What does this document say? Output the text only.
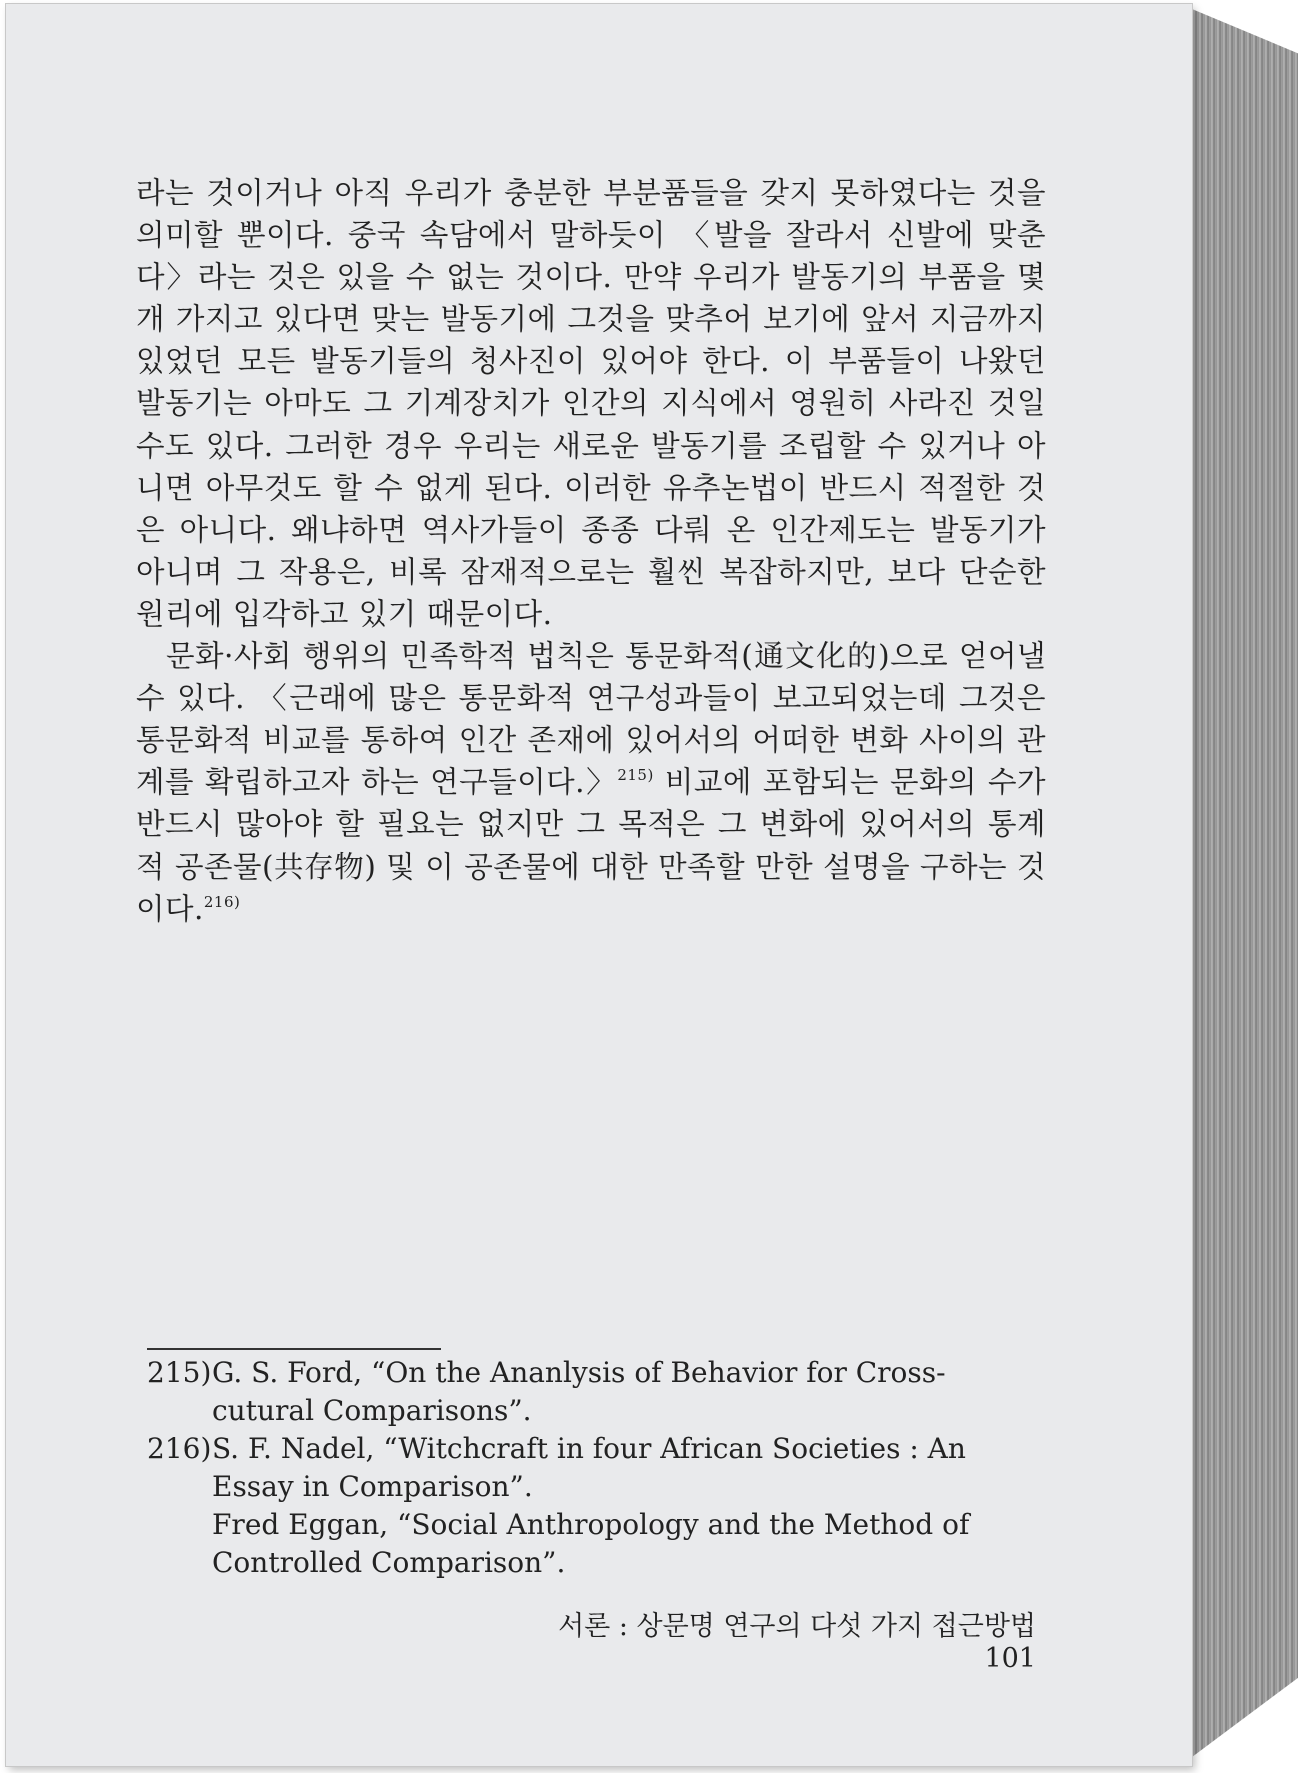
라는 것이거나 아직 우리가 충분한 부분품들을 갖지 못하였다는 것을 의미할 뿐이다. 중국 속담에서 말하듯이 〈발을 잘라서 신발에 맞춘다〉라는 것은 있을 수 없는 것이다. 만약 우리가 발동기의 부품을 몇 개 가지고 있다면 맞는 발동기에 그것을 맞추어 보기에 앞서 지금까지 있었던 모든 발동기들의 청사진이 있어야 한다. 이 부품들이 나왔던 발동기는 아마도 그 기계장치가 인간의 지식에서 영원히 사라진 것일 수도 있다. 그러한 경우 우리는 새로운 발동기를 조립할 수 있거나 아니면 아무것도 할 수 없게 된다. 이러한 유추논법이 반드시 적절한 것은 아니다. 왜냐하면 역사가들이 종종 다뤄 온 인간제도는 발동기가 아니며 그 작용은, 비록 잠재적으로는 훨씬 복잡하지만, 보다 단순한 원리에 입각하고 있기 때문이다.

문화·사회 행위의 민족학적 법칙은 통문화적(通文化的)으로 얻어낼 수 있다. 〈근래에 많은 통문화적 연구성과들이 보고되었는데 그것은 통문화적 비교를 통하여 인간 존재에 있어서의 어떠한 변화 사이의 관계를 확립하고자 하는 연구들이다.〉$^{215)}$ 비교에 포함되는 문화의 수가 반드시 많아야 할 필요는 없지만 그 목적은 그 변화에 있어서의 통계적 공존물(共存物) 및 이 공존물에 대한 만족할 만한 설명을 구하는 것이다.$^{216)}$

215) G. S. Ford, “On the Ananlysis of Behavior for Cross-cutural Comparisons”.
216) S. F. Nadel, “Witchcraft in four African Societies : An Essay in Comparison”.
Fred Eggan, “Social Anthropology and the Method of Controlled Comparison”.
서론 : 상문명 연구의 다섯 가지 접근방법101
